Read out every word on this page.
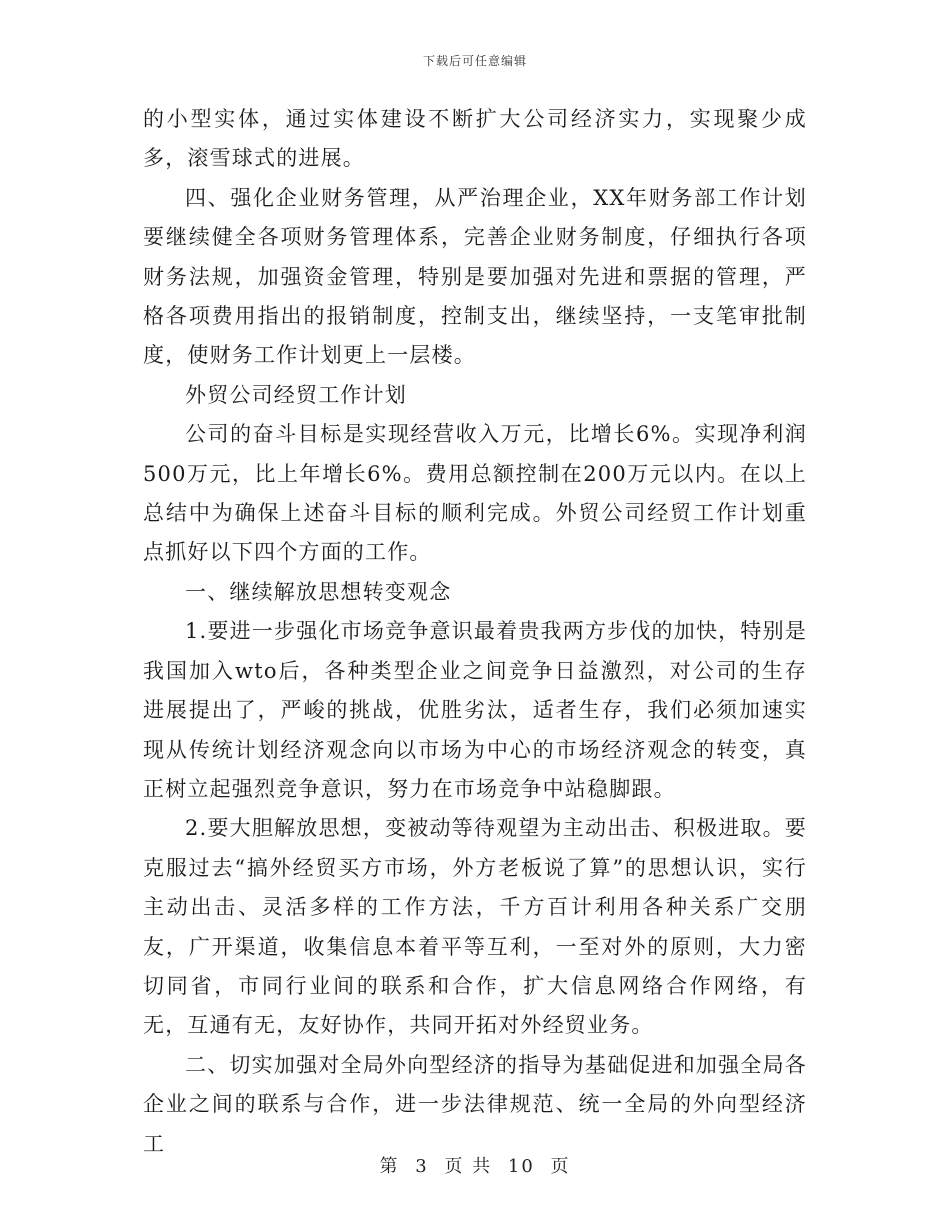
下载后可任意编辑

的小型实体，通过实体建设不断扩大公司经济实力，实现聚少成多，滚雪球式的进展。

四、强化企业财务管理，从严治理企业，XX年财务部工作计划要继续健全各项财务管理体系，完善企业财务制度，仔细执行各项财务法规，加强资金管理，特别是要加强对先进和票据的管理，严格各项费用指出的报销制度，控制支出，继续坚持，一支笔审批制度，使财务工作计划更上一层楼。

外贸公司经贸工作计划

公司的奋斗目标是实现经营收入万元，比增长6%。实现净利润500万元，比上年增长6%。费用总额控制在200万元以内。在以上总结中为确保上述奋斗目标的顺利完成。外贸公司经贸工作计划重点抓好以下四个方面的工作。

一、继续解放思想转变观念

1.要进一步强化市场竞争意识最着贵我两方步伐的加快，特别是我国加入wto后，各种类型企业之间竞争日益激烈，对公司的生存进展提出了，严峻的挑战，优胜劣汰，适者生存，我们必须加速实现从传统计划经济观念向以市场为中心的市场经济观念的转变，真正树立起强烈竞争意识，努力在市场竞争中站稳脚跟。

2.要大胆解放思想，变被动等待观望为主动出击、积极进取。要克服过去“搞外经贸买方市场，外方老板说了算”的思想认识，实行主动出击、灵活多样的工作方法，千方百计利用各种关系广交朋友，广开渠道，收集信息本着平等互利，一至对外的原则，大力密切同省，市同行业间的联系和合作，扩大信息网络合作网络，有无，互通有无，友好协作，共同开拓对外经贸业务。

二、切实加强对全局外向型经济的指导为基础促进和加强全局各企业之间的联系与合作，进一步法律规范、统一全局的外向型经济工

第 3 页 共 10 页
